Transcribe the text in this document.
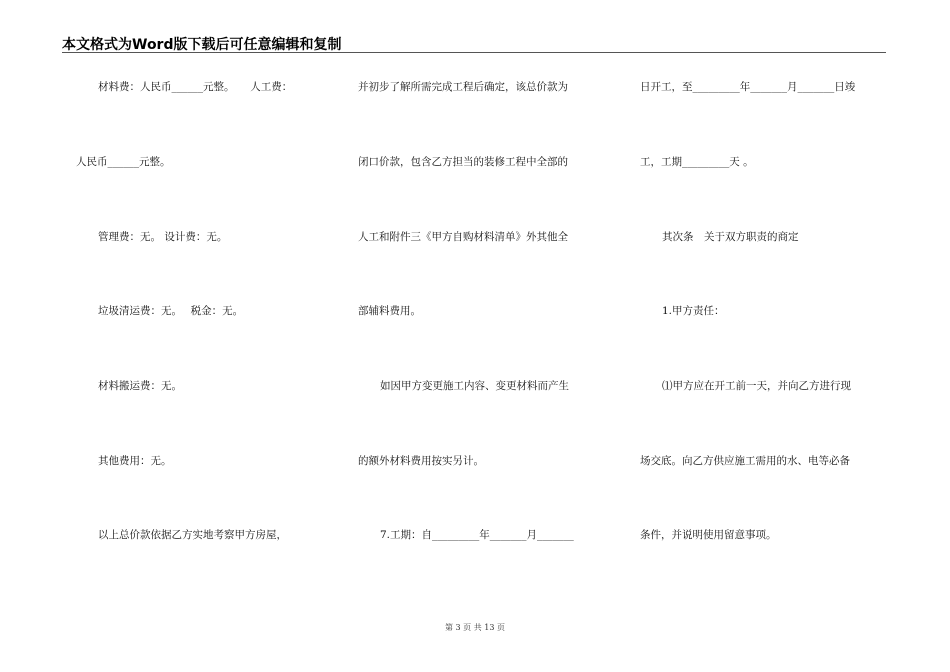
本文格式为Word版下载后可任意编辑和复制
材料费：人民币______元整。　　人工费：
人民币______元整。
管理费：无。 设计费：无。
垃圾清运费：无。　 税金：无。
材料搬运费：无。
其他费用：无。
以上总价款依据乙方实地考察甲方房屋，
并初步了解所需完成工程后确定，该总价款为
闭口价款，包含乙方担当的装修工程中全部的
人工和附件三《甲方自购材料清单》外其他全
部辅料费用。
如因甲方变更施工内容、变更材料而产生
的额外材料费用按实另计。
7.工期：自_________年_______月_______
日开工，至_________年_______月_______日竣
工，工期_________天 。
其次条　关于双方职责的商定
1.甲方责任：
⑴甲方应在开工前一天，并向乙方进行现
场交底。向乙方供应施工需用的水、电等必备
条件，并说明使用留意事项。
第 3 页 共 13 页
